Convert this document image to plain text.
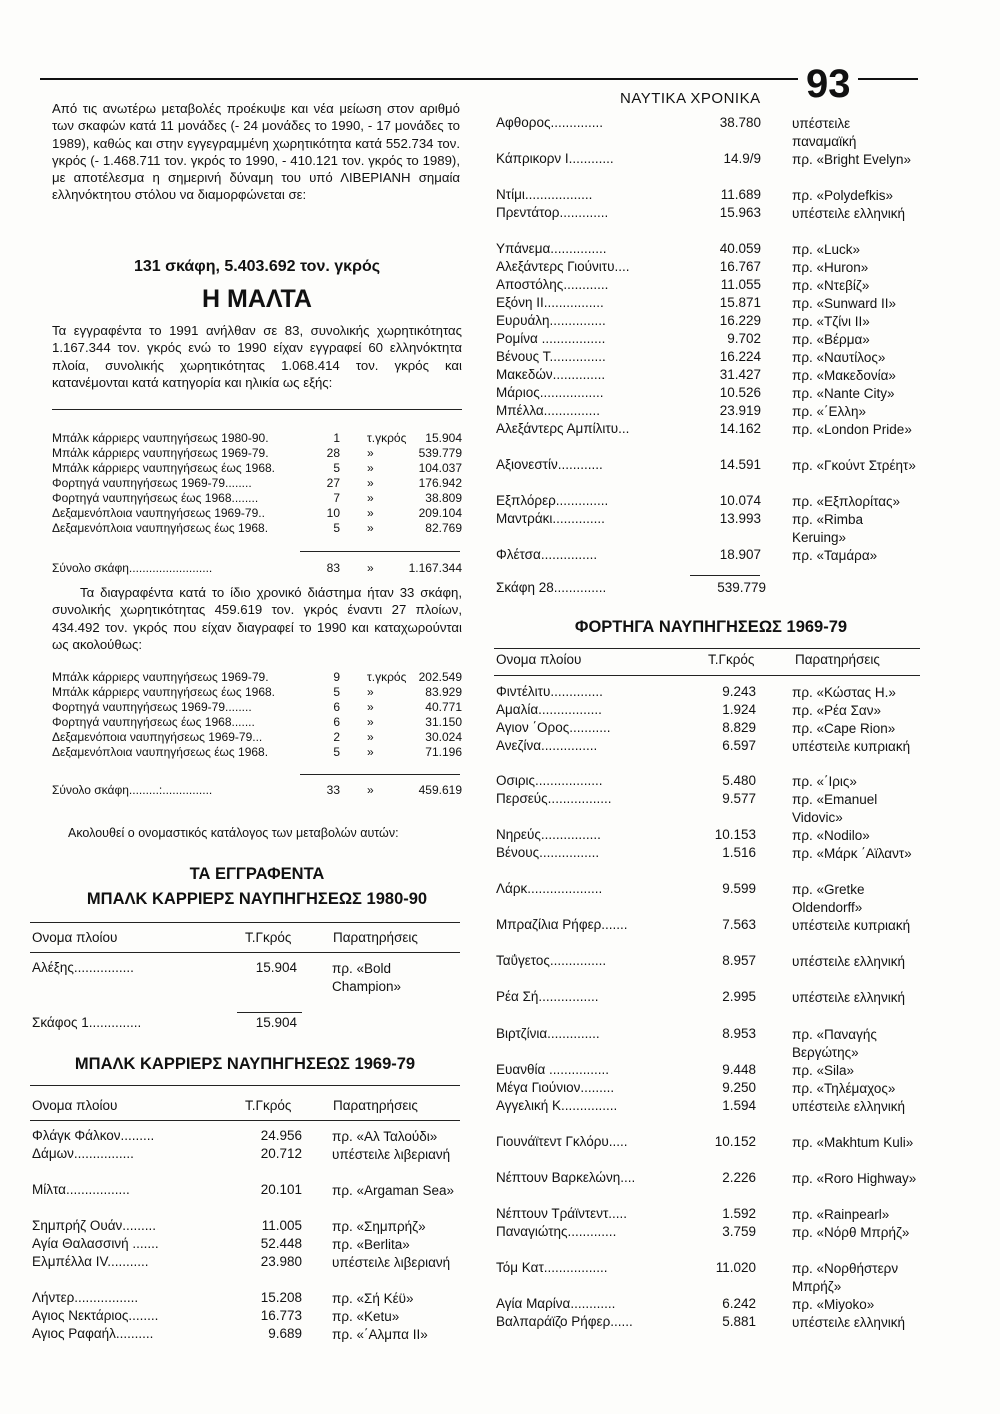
ΝΑΥΤΙΚΑ ΧΡΟΝΙΚΑ 93
Από τις ανωτέρω μεταβολές προέκυψε και νέα μείωση στον αριθμό των σκαφών κατά 11 μονάδες (- 24 μονάδες το 1990, - 17 μονάδες το 1989), καθώς και στην εγγεγραμμένη χωρητικότητα κατά 552.734 τον. γκρός (- 1.468.711 τον. γκρός το 1990, - 410.121 τον. γκρός το 1989), με αποτέλεσμα η σημερινή δύναμη του υπό ΛΙΒΕΡΙΑΝΗ σημαία ελληνόκτητου στόλου να διαμορφώνεται σε:
131 σκάφη, 5.403.692 τον. γκρός
Η ΜΑΛΤΑ
Τα εγγραφέντα το 1991 ανήλθαν σε 83, συνολικής χωρητικότητας 1.167.344 τον. γκρός ενώ το 1990 είχαν εγγραφεί 60 ελληνόκτητα πλοία, συνολικής χωρητικότητας 1.068.414 τον. γκρός και κατανέμονται κατά κατηγορία και ηλικία ως εξής:
Μπάλκ κάρριερς ναυπηγήσεως 1980-90.	1 τ.γκρός 15.904
Μπάλκ κάρριερς ναυπηγήσεως 1969-79.	28 »	539.779
Μπάλκ κάρριερς ναυπηγήσεως έως 1968.	5 »	104.037
Φορτηγά ναυπηγήσεως 1969-79........	27 »	176.942
Φορτηγά ναυπηγήσεως έως 1968........	7 »	38.809
Δεξαμενόπλοια ναυπηγήσεως 1969-79..	10 »	209.104
Δεξαμενόπλοια ναυπηγήσεως έως 1968.	5 »	82.769
Σύνολο σκάφη.........................	83 »	1.167.344
Τα διαγραφέντα κατά το ίδιο χρονικό διάστημα ήταν 33 σκάφη, συνολικής χωρητικότητας 459.619 τον. γκρός έναντι 27 πλοίων, 434.492 τον. γκρός που είχαν διαγραφεί το 1990 και καταχωρούνται ως ακολούθως:
Μπάλκ κάρριερς ναυπηγήσεως 1969-79.	9 τ.γκρός 202.549
Μπάλκ κάρριερς ναυπηγήσεως έως 1968.	5 »	83.929
Φορτηγά ναυπηγήσεως 1969-79........	6 »	40.771
Φορτηγά ναυπηγήσεως έως 1968.......	6 »	31.150
Δεξαμενόποια ναυπηγήσεως 1969-79...	2 »	30.024
Δεξαμενόπλοια ναυπηγήσεως έως 1968.	5 »	71.196
Σύνολο σκάφη.........:...............	33 »	459.619
Ακολουθεί ο ονομαστικός κατάλογος των μεταβολών αυτών:
ΤΑ ΕΓΓΡΑΦΕΝΤΑ
ΜΠΑΛΚ ΚΑΡΡΙΕΡΣ ΝΑΥΠΗΓΗΣΕΩΣ 1980-90
Ονομα πλοίου	Τ.Γκρός	Παρατηρήσεις
Αλέξης................	15.904	πρ. «Bold Champion»
Σκάφος 1..............	15.904
ΜΠΑΛΚ ΚΑΡΡΙΕΡΣ ΝΑΥΠΗΓΗΣΕΩΣ 1969-79
Ονομα πλοίου	Τ.Γκρός	Παρατηρήσεις
Φλάγκ Φάλκον.........	24.956 πρ. «Αλ Ταλούδι»
Δάμων................	20.712 υπέστειλε λιβεριανή
Μίλτα.................	20.101 πρ. «Argaman Sea»
Σημπρήζ Ουάν.........	11.005 πρ. «Σημπρήζ»
Αγία Θαλασσινή .......	52.448 πρ. «Berlita»
Ελμπέλλα IV...........	23.980 υπέστειλε λιβεριανή
Λήντερ.................	15.208 πρ. «Σή Κέϋ»
Αγιος Νεκτάριος........	16.773 πρ. «Ketu»
Αγιος Ραφαήλ..........	9.689 πρ. «΄Αλμπα ΙΙ»
Αφθορος..............	38.780 υπέστειλε παναμαϊκή
Κάπρικορν Ι............	14.9/9 πρ. «Bright Evelyn»
Ντίμι..................	11.689 πρ. «Polydefkis»
Πρεντάτορ.............	15.963 υπέστειλε ελληνική
Υπάνεμα...............	40.059 πρ. «Luck»
Αλεξάντερς Γιούνιτυ....	16.767 πρ. «Huron»
Αποστόλης............	11.055 πρ. «Ντεβίζ»
Εξόνη ΙΙ................	15.871 πρ. «Sunward II»
Ευρυάλη...............	16.229 πρ. «Τζίνι ΙΙ»
Ρομίνα .................	9.702 πρ. «Βέρμα»
Βένους Τ...............	16.224 πρ. «Ναυτίλος»
Μακεδών..............	31.427 πρ. «Μακεδονία»
Μάριος.................	10.526 πρ. «Nante City»
Μπέλλα...............	23.919 πρ. «΄Ελλη»
Αλεξάντερς Αμπίλιτυ...	14.162 πρ. «London Pride»
Αξιονεστίν............	14.591 πρ. «Γκούντ Στρέητ»
Εξπλόρερ..............	10.074 πρ. «Εξπλορίτας»
Μαντράκι..............	13.993 πρ. «Rimba Keruing»
Φλέτσα...............	18.907 πρ. «Ταμάρα»
Σκάφη 28..............	539.779
ΦΟΡΤΗΓΑ ΝΑΥΠΗΓΗΣΕΩΣ 1969-79
Ονομα πλοίου	Τ.Γκρός	Παρατηρήσεις
Φιντέλιτυ..............	9.243	πρ. «Κώστας Η.»
Αμαλία.................	1.924	πρ. «Ρέα Σαν»
Αγιον ΄Ορος...........	8.829	πρ. «Cape Rion»
Ανεζίνα...............	6.597	υπέστειλε κυπριακή
Οσιρις..................	5.480	πρ. «΄Ιρις»
Περσεύς.................	9.577	πρ. «Emanuel Vidovic»
Νηρεύς................	10.153	πρ. «Nodilo»
Βένους................	1.516	πρ. «Μάρκ ΄Αϊλαντ»
Λάρκ....................	9.599	πρ. «Gretke Oldendorff»
Μπραζίλια Ρήφερ.......	7.563	υπέστειλε κυπριακή
Ταΰγετος...............	8.957	υπέστειλε ελληνική
Ρέα Σή................	2.995	υπέστειλε ελληνική
Βιρτζίνια..............	8.953	πρ. «Παναγής Βεργώτης»
Ευανθία ................	9.448	πρ. «Sila»
Μέγα Γιούνιον.........	9.250	πρ. «Τηλέμαχος»
Αγγελική Κ...............	1.594	υπέστειλε ελληνική
Γιουνάϊτεντ Γκλόρυ.....	10.152	πρ. «Makhtum Kuli»
Νέπτουν Βαρκελώνη....	2.226	πρ. «Roro Highway»
Νέπτουν Τράϊντεντ.....	1.592	πρ. «Rainpearl»
Παναγιώτης.............	3.759	πρ. «Νόρθ Μπρήζ»
Τόμ Κατ.................	11.020	πρ. «Νορθήστερν Μπρήζ»
Αγία Μαρίνα............	6.242	πρ. «Miyoko»
Βαλπαράϊζο Ρήφερ......	5.881	υπέστειλε ελληνική
